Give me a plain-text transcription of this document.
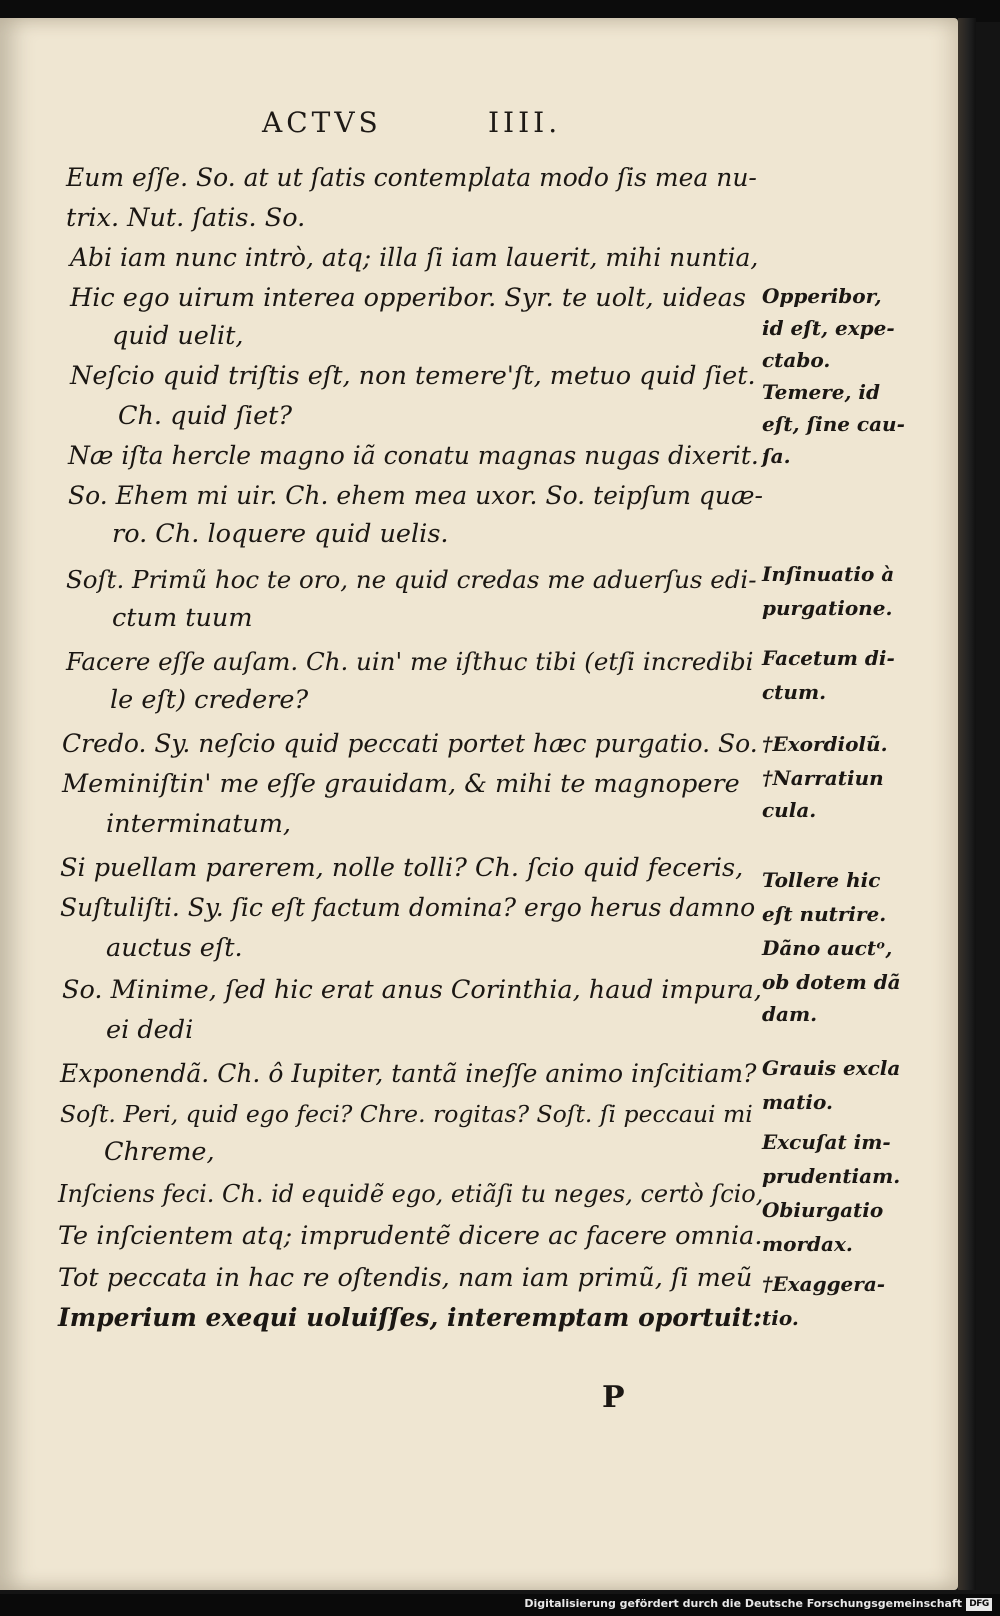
ACTVS	IIII.
Eum eſſe. So. at ut ſatis contemplata modo ſis mea nu-
trix. Nut. ſatis. So.
Abi iam nunc intrò, atq; illa ſi iam lauerit, mihi nuntia,
Hic ego uirum interea opperibor. Syr. te uolt, uideas
quid uelit,
Neſcio quid triſtis eſt, non temere'ſt, metuo quid ſiet.
Ch. quid ſiet?
Næ iſta hercle magno iã conatu magnas nugas dixerit.
So. Ehem mi uir. Ch. ehem mea uxor. So. teipſum quæ-
ro. Ch. loquere quid uelis.
Soſt. Primũ hoc te oro, ne quid credas me aduerſus edi-
ctum tuum
Facere eſſe auſam. Ch. uin' me iſthuc tibi (etſi incredibi
le eſt) credere?
Credo. Sy. neſcio quid peccati portet hæc purgatio. So.
Meminiſtin' me eſſe grauidam, & mihi te magnopere
interminatum,
Si puellam parerem, nolle tolli? Ch. ſcio quid feceris,
Suſtuliſti. Sy. ſic eſt factum domina? ergo herus damno
auctus eſt.
So. Minime, ſed hic erat anus Corinthia, haud impura,
ei dedi
Exponendã. Ch. ô Iupiter, tantã ineſſe animo inſcitiam?
Soſt. Peri, quid ego feci? Chre. rogitas? Soſt. ſi peccaui mi
Chreme,
Inſciens feci. Ch. id equidẽ ego, etiãſi tu neges, certò ſcio,
Te inſcientem atq; imprudentẽ dicere ac facere omnia.
Tot peccata in hac re oſtendis, nam iam primũ, ſi meũ
Imperium exequi uoluiſſes, interemptam oportuit:
Opperibor,
id eſt, expe-
ctabo.
Temere, id
eſt, ſine cau-
ſa.
Inſinuatio à
purgatione.
Facetum di-
ctum.
†Exordiolũ.
†Narratiun
cula.
Tollere hic
eſt nutrire.
Dãno auctᵒ,
ob dotem dã
dam.
Grauis excla
matio.
Excuſat im-
prudentiam.
Obiurgatio
mordax.
†Exaggera-
tio.
P
Digitalisierung gefördert durch die Deutsche Forschungsgemeinschaft DFG
